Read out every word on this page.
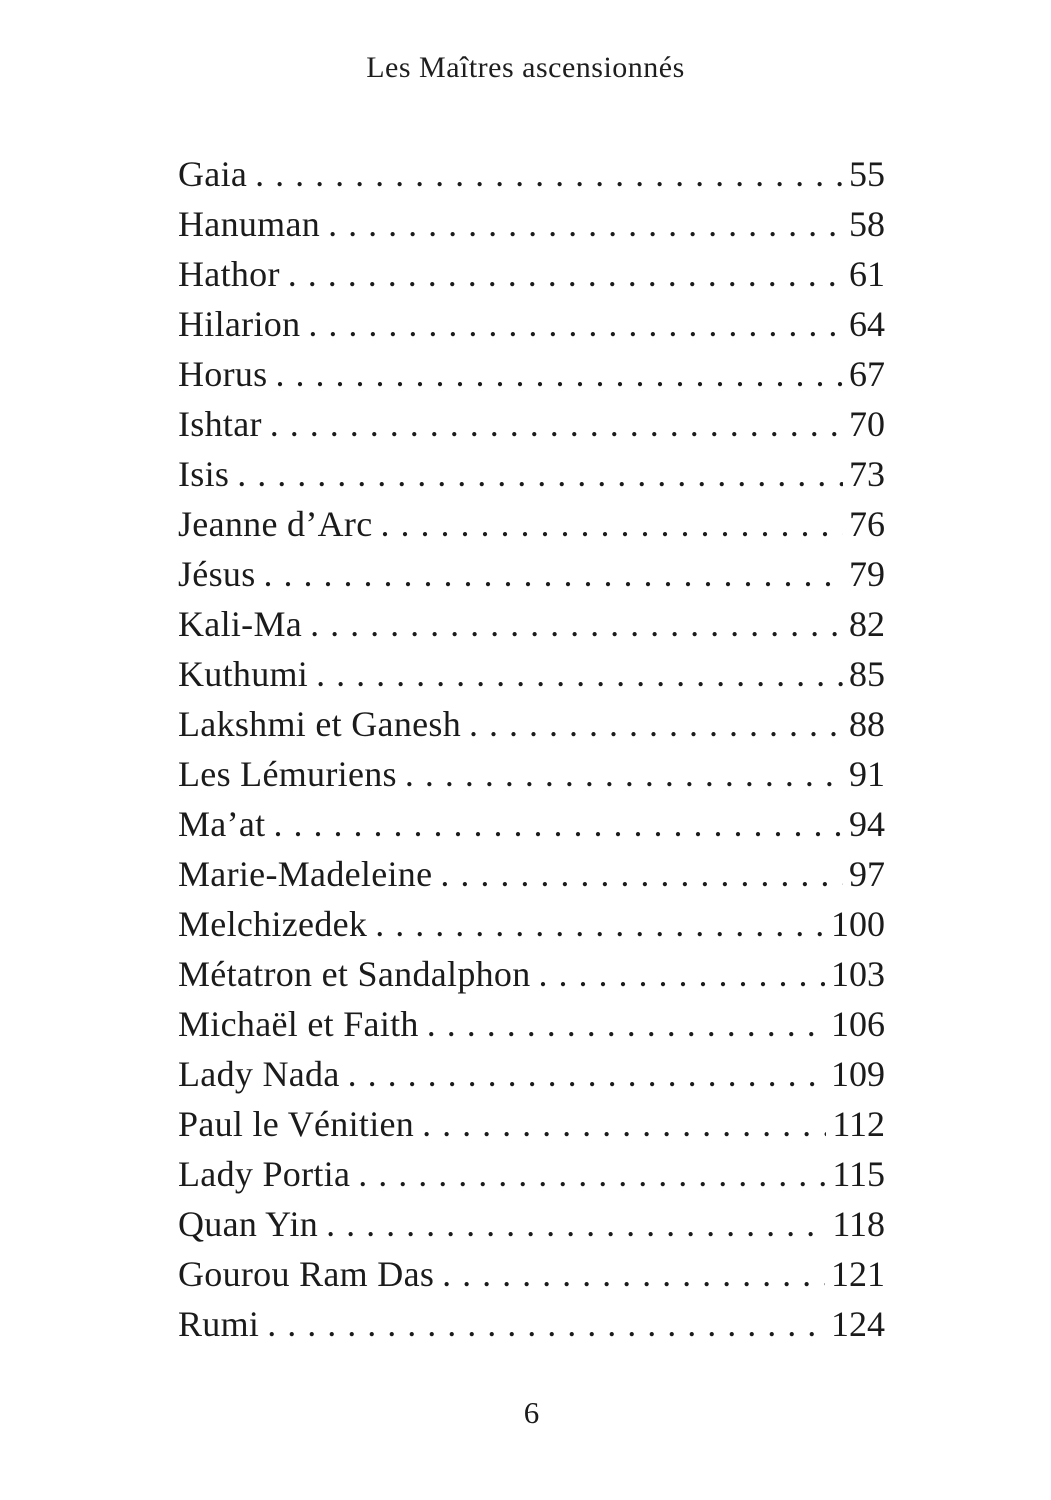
Les Maîtres ascensionnés
Gaia . . .	55
Hanuman . . .	58
Hathor . . .	61
Hilarion . . .	64
Horus . . .	67
Ishtar . . .	70
Isis . . .	73
Jeanne d’Arc . . .	76
Jésus . . .	79
Kali-Ma . . .	82
Kuthumi . . .	85
Lakshmi et Ganesh . . .	88
Les Lémuriens . . .	91
Ma’at . . .	94
Marie-Madeleine . . .	97
Melchizedek . . .	100
Métatron et Sandalphon . . .	103
Michaël et Faith . . .	106
Lady Nada . . .	109
Paul le Vénitien . . .	112
Lady Portia . . .	115
Quan Yin . . .	118
Gourou Ram Das . . .	121
Rumi . . .	124
6
